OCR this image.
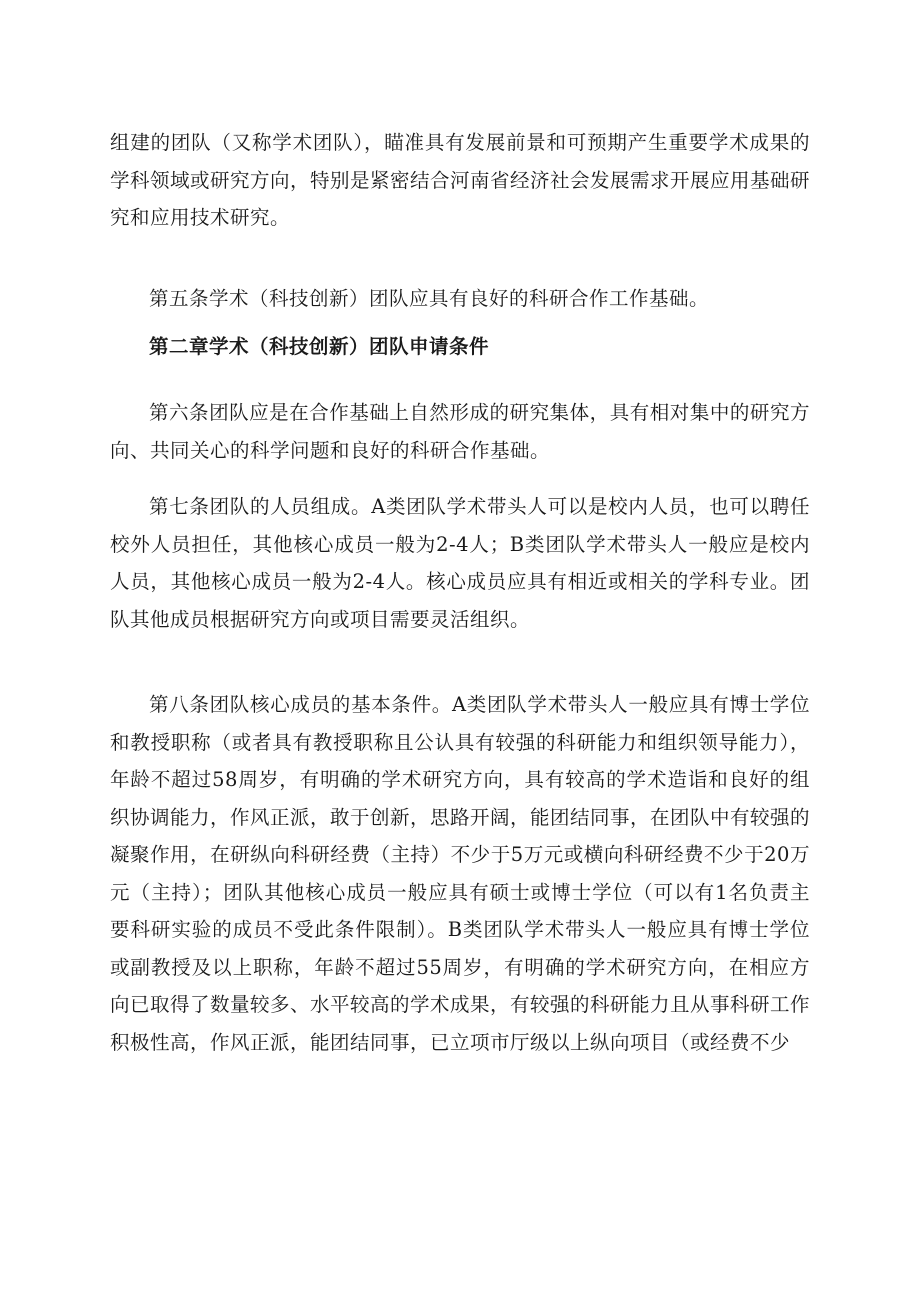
组建的团队（又称学术团队），瞄准具有发展前景和可预期产生重要学术成果的学科领域或研究方向，特别是紧密结合河南省经济社会发展需求开展应用基础研究和应用技术研究。

第五条学术（科技创新）团队应具有良好的科研合作工作基础。

第二章学术（科技创新）团队申请条件

第六条团队应是在合作基础上自然形成的研究集体，具有相对集中的研究方向、共同关心的科学问题和良好的科研合作基础。

第七条团队的人员组成。A类团队学术带头人可以是校内人员，也可以聘任校外人员担任，其他核心成员一般为2-4人；B类团队学术带头人一般应是校内人员，其他核心成员一般为2-4人。核心成员应具有相近或相关的学科专业。团队其他成员根据研究方向或项目需要灵活组织。

第八条团队核心成员的基本条件。A类团队学术带头人一般应具有博士学位和教授职称（或者具有教授职称且公认具有较强的科研能力和组织领导能力），年龄不超过58周岁，有明确的学术研究方向，具有较高的学术造诣和良好的组织协调能力，作风正派，敢于创新，思路开阔，能团结同事，在团队中有较强的凝聚作用，在研纵向科研经费（主持）不少于5万元或横向科研经费不少于20万元（主持）；团队其他核心成员一般应具有硕士或博士学位（可以有1名负责主要科研实验的成员不受此条件限制）。B类团队学术带头人一般应具有博士学位或副教授及以上职称，年龄不超过55周岁，有明确的学术研究方向，在相应方向已取得了数量较多、水平较高的学术成果，有较强的科研能力且从事科研工作积极性高，作风正派，能团结同事，已立项市厅级以上纵向项目（或经费不少
